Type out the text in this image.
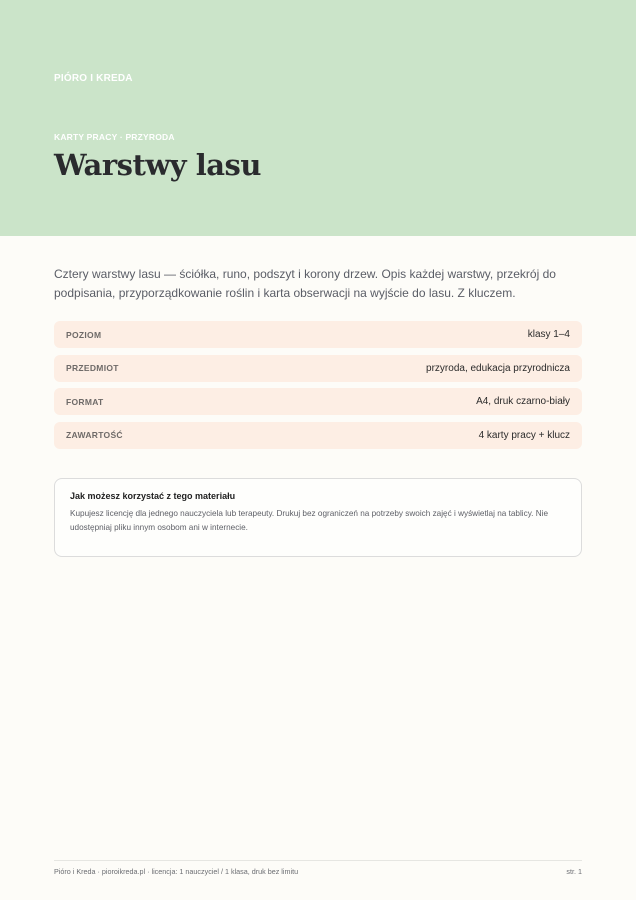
PIÓRO I KREDA
KARTY PRACY · PRZYRODA
Warstwy lasu

Cztery warstwy lasu — ściółka, runo, podszyt i korony drzew. Opis każdej warstwy, przekrój do podpisania, przyporządkowanie roślin i karta obserwacji na wyjście do lasu. Z kluczem.

POZIOM	klasy 1–4
PRZEDMIOT	przyroda, edukacja przyrodnicza
FORMAT	A4, druk czarno-biały
ZAWARTOŚĆ	4 karty pracy + klucz

Jak możesz korzystać z tego materiału

Kupujesz licencję dla jednego nauczyciela lub terapeuty. Drukuj bez ograniczeń na potrzeby swoich zajęć i wyświetlaj na tablicy. Nie udostępniaj pliku innym osobom ani w internecie.

Pióro i Kreda · pioroikreda.pl · licencja: 1 nauczyciel / 1 klasa, druk bez limitu	str. 1
